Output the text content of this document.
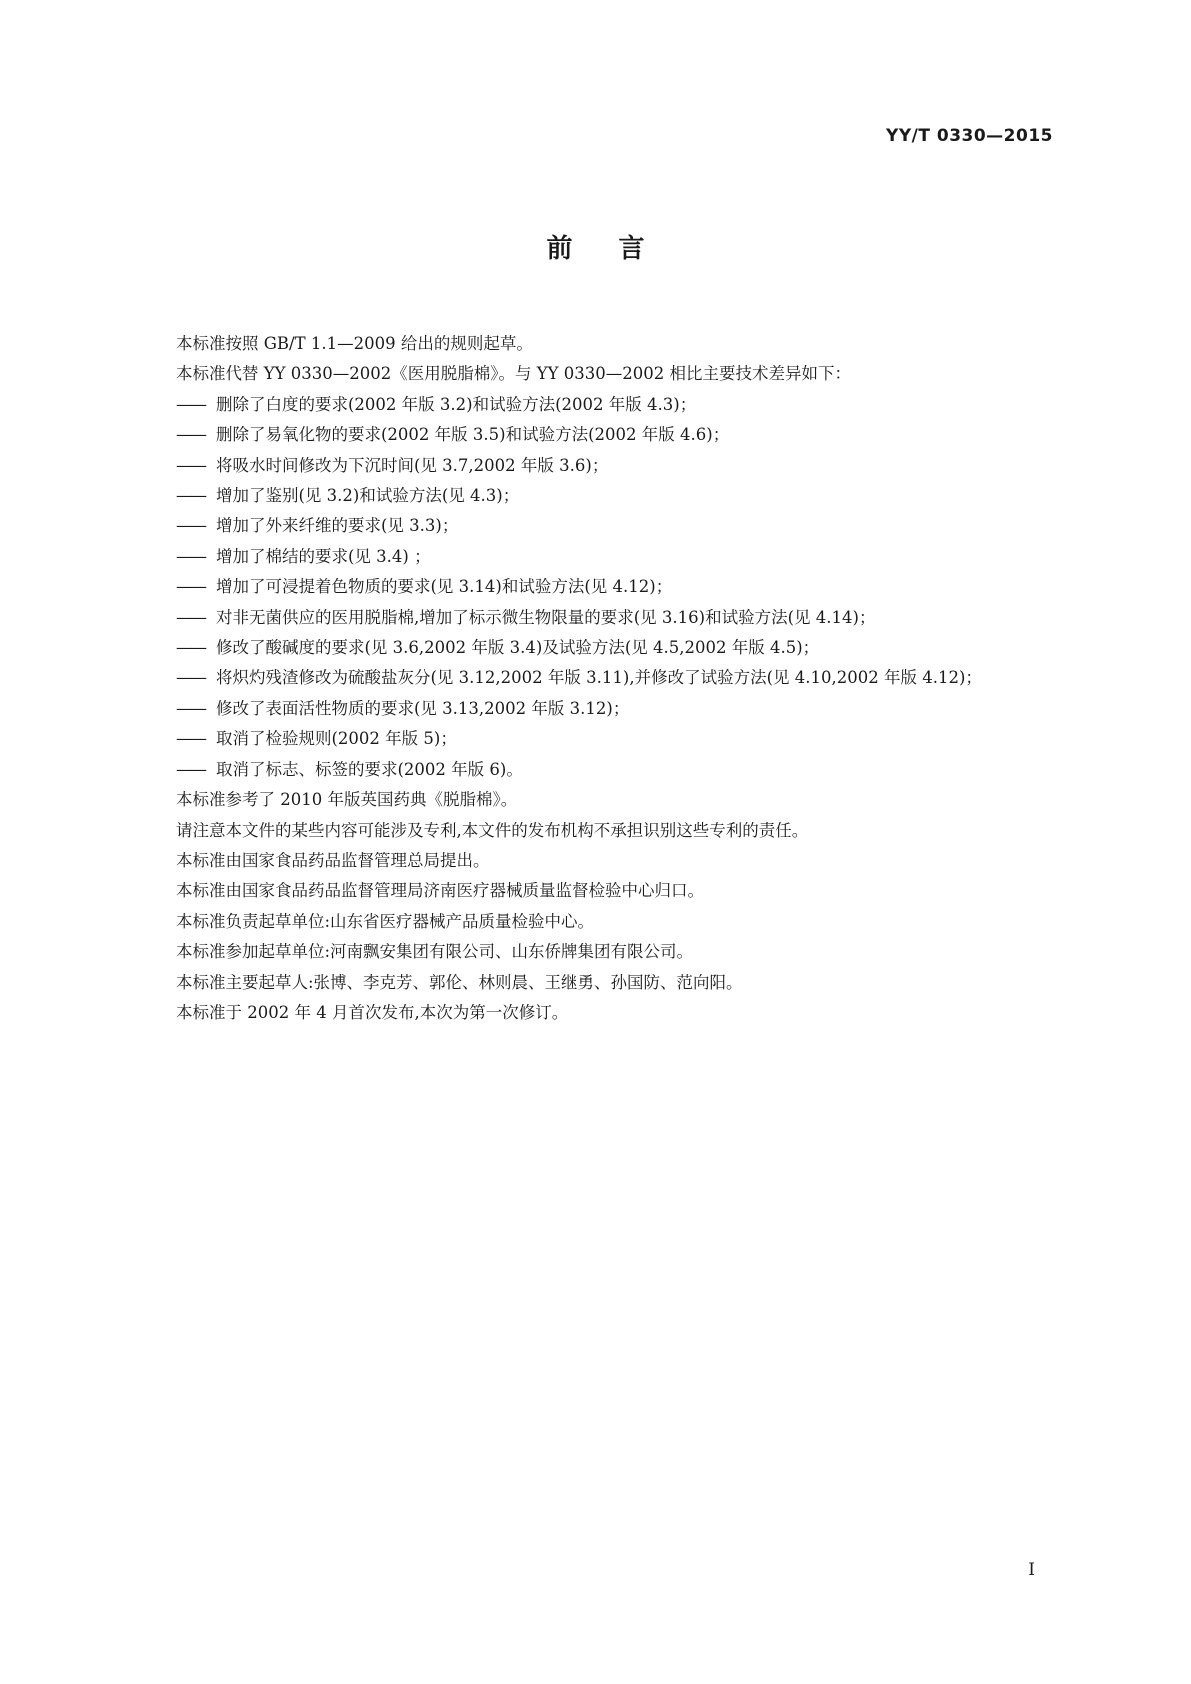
YY/T 0330—2015
前言
本标准按照 GB/T 1.1—2009 给出的规则起草。
本标准代替 YY 0330—2002《医用脱脂棉》。与 YY 0330—2002 相比主要技术差异如下：
—— 删除了白度的要求(2002 年版 3.2)和试验方法(2002 年版 4.3)；
—— 删除了易氧化物的要求(2002 年版 3.5)和试验方法(2002 年版 4.6)；
—— 将吸水时间修改为下沉时间(见 3.7,2002 年版 3.6)；
—— 增加了鉴别(见 3.2)和试验方法(见 4.3)；
—— 增加了外来纤维的要求(见 3.3)；
—— 增加了棉结的要求(见 3.4) ；
—— 增加了可浸提着色物质的要求(见 3.14)和试验方法(见 4.12)；
—— 对非无菌供应的医用脱脂棉,增加了标示微生物限量的要求(见 3.16)和试验方法(见 4.14)；
—— 修改了酸碱度的要求(见 3.6,2002 年版 3.4)及试验方法(见 4.5,2002 年版 4.5)；
—— 将炽灼残渣修改为硫酸盐灰分(见 3.12,2002 年版 3.11),并修改了试验方法(见 4.10,2002 年版 4.12)；
—— 修改了表面活性物质的要求(见 3.13,2002 年版 3.12)；
—— 取消了检验规则(2002 年版 5)；
—— 取消了标志、标签的要求(2002 年版 6)。
本标准参考了 2010 年版英国药典《脱脂棉》。
请注意本文件的某些内容可能涉及专利,本文件的发布机构不承担识别这些专利的责任。
本标准由国家食品药品监督管理总局提出。
本标准由国家食品药品监督管理局济南医疗器械质量监督检验中心归口。
本标准负责起草单位:山东省医疗器械产品质量检验中心。
本标准参加起草单位:河南飘安集团有限公司、山东侨牌集团有限公司。
本标准主要起草人:张博、李克芳、郭伦、林则晨、王继勇、孙国防、范向阳。
本标准于 2002 年 4 月首次发布,本次为第一次修订。
I
